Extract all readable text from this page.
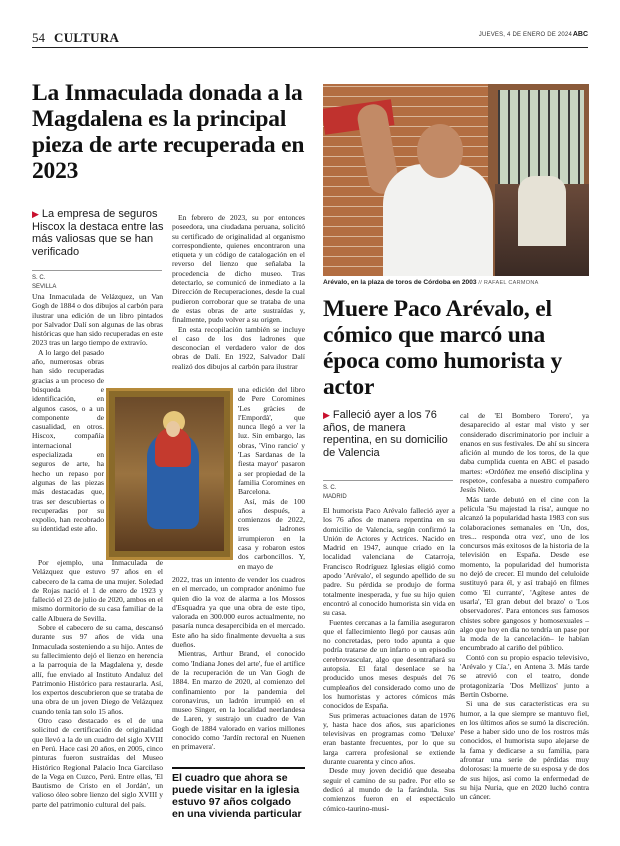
54 CULTURA	JUEVES, 4 DE ENERO DE 2024 ABC
La Inmaculada donada a la Magdalena es la principal pieza de arte recuperada en 2023
▶ La empresa de seguros Hiscox la destaca entre las más valiosas que se han verificado
S. C.
SEVILLA

Una Inmaculada de Velázquez, un Van Gogh de 1884 o dos dibujos al carbón para ilustrar una edición de un libro pintados por Salvador Dalí son algunas de las obras históricas que han sido recuperadas en este 2023 tras un largo tiempo de extravío.

A lo largo del pasado año, numerosas obras han sido recuperadas gracias a un proceso de búsqueda e identificación, en algunos casos, o a un componente de casualidad, en otros. Hiscox, compañía internacional especializada en seguros de arte, ha hecho un repaso por algunas de las piezas más destacadas que, tras ser descubiertas o recuperadas por su expolio, han recobrado su identidad este año.

Por ejemplo, una Inmaculada de Velázquez que estuvo 97 años en el cabecero de la cama de una mujer. Soledad de Rojas nació el 1 de enero de 1923 y falleció el 23 de julio de 2020, ambos en el mismo dormitorio de su casa familiar de la calle Albuera de Sevilla.

Sobre el cabecero de su cama, descansó durante sus 97 años de vida una Inmaculada sosteniendo a su hijo. Antes de su fallecimiento dejó el lienzo en herencia a la parroquia de la Magdalena y, desde allí, fue enviado al Instituto Andaluz del Patrimonio Histórico para restaurarla. Así, los expertos descubrieron que se trataba de una obra de un joven Diego de Velázquez cuando tenía tan solo 15 años.

Otro caso destacado es el de una solicitud de certificación de originalidad que llevó a la de un cuadro del siglo XVIII en Perú. Hace casi 20 años, en 2005, cinco pinturas fueron sustraídas del Museo Histórico Regional Palacio Inca Garcilaso de la Vega en Cuzco, Perú. Entre ellas, 'El Bautismo de Cristo en el Jordán', un valioso óleo sobre lienzo del siglo XVIII y parte del patrimonio cultural del país.

En febrero de 2023, su por entonces poseedora, una ciudadana peruana, solicitó su certificado de originalidad al organismo correspondiente, quienes encontraron una etiqueta y un código de catalogación en el reverso del lienzo que señalaba la procedencia de dicho museo. Tras detectarlo, se comunicó de inmediato a la Dirección de Recuperaciones, desde la cual pudieron corroborar que se trataba de una de estas obras de arte sustraídas y, finalmente, pudo volver a su origen.

En esta recopilación también se incluye el caso de los dos ladrones que desconocían el verdadero valor de dos obras de Dalí. En 1922, Salvador Dalí realizó dos dibujos al carbón para ilustrar

una edición del libro de Pere Coromines 'Les gràcies de l'Empordà', que nunca llegó a ver la luz. Sin embargo, las obras, 'Vino rancio' y 'Las Sardanas de la fiesta mayor' pasaron a ser propiedad de la familia Coromines en Barcelona.

Así, más de 100 años después, a comienzos de 2022, tres ladrones irrumpieron en la casa y robaron estos dos carboncillos. Y, en mayo de

2022, tras un intento de vender los cuadros en el mercado, un comprador anónimo fue quien dio la voz de alarma a los Mossos d'Esquadra ya que una obra de este tipo, valorada en 300.000 euros actualmente, no pasaría nunca desapercibida en el mercado. Este año ha sido finalmente devuelta a sus dueños.

Mientras, Arthur Brand, el conocido como 'Indiana Jones del arte', fue el artífice de la recuperación de un Van Gogh de 1884. En marzo de 2020, al comienzo del confinamiento por la pandemia del coronavirus, un ladrón irrumpió en el museo Singer, en la localidad neerlandesa de Laren, y sustrajo un cuadro de Van Gogh de 1884 valorado en varios millones conocido como 'Jardín rectoral en Nuenen en primavera'.

El cuadro que ahora se puede visitar en la iglesia estuvo 97 años colgado en una vivienda particular
Arévalo, en la plaza de toros de Córdoba en 2003 // RAFAEL CARMONA
Muere Paco Arévalo, el cómico que marcó una época como humorista y actor
▶ Falleció ayer a los 76 años, de manera repentina, en su domicilio de Valencia
S. C.
MADRID

El humorista Paco Arévalo falleció ayer a los 76 años de manera repentina en su domicilio de Valencia, según confirmó la Unión de Actores y Actrices. Nacido en Madrid en 1947, aunque criado en la localidad valenciana de Catarroja, Francisco Rodríguez Iglesias eligió como apodo 'Arévalo', el segundo apellido de su padre. Su pérdida se produjo de forma totalmente inesperada, y fue su hijo quien encontró al conocido humorista sin vida en su casa.

Fuentes cercanas a la familia aseguraron que el fallecimiento llegó por causas aún no concretadas, pero todo apunta a que podría tratarse de un infarto o un episodio cerebrovascular, algo que desentrañará su autopsia. El fatal desenlace se ha producido unos meses después del 76 cumpleaños del considerado como uno de los humoristas y actores cómicos más conocidos de España.

Sus primeras actuaciones datan de 1976 y, hasta hace dos años, sus apariciones televisivas en programas como 'Deluxe' eran bastante frecuentes, por lo que su larga carrera profesional se extiende durante cuarenta y cinco años.

Desde muy joven decidió que deseaba seguir el camino de su padre. Por ello se dedicó al mundo de la farándula. Sus comienzos fueron en el espectáculo cómico-taurino-musi-

cal de 'El Bombero Torero', ya desaparecido al estar mal visto y ser considerado discriminatorio por incluir a enanos en sus festivales. De ahí su sincera afición al mundo de los toros, de la que daba cumplida cuenta en ABC el pasado martes: «Ordóñez me enseñó disciplina y respeto», confesaba a nuestro compañero Jesús Nieto.

Más tarde debutó en el cine con la película 'Su majestad la risa', aunque no alcanzó la popularidad hasta 1983 con sus colaboraciones semanales en 'Un, dos, tres... responda otra vez', uno de los concursos más exitosos de la historia de la televisión en España. Desde ese momento, la popularidad del humorista no dejó de crecer. El mundo del celuloide sustituyó para él, y así trabajó en filmes como 'El currante', 'Agítese antes de usarla', 'El gran debut del brazo' o 'Los observadores'. Para entonces sus famosos chistes sobre gangosos y homosexuales –algo que hoy en día no tendría un pase por la moda de la cancelación– le habían encumbrado al cariño del público.

Contó con su propio espacio televisivo, 'Arévalo y Cía.', en Antena 3. Más tarde se atrevió con el teatro, donde protagonizaría 'Dos Mellizos' junto a Bertín Osborne.

Si una de sus características era su humor, a la que siempre se mantuvo fiel, en los últimos años se sumó la discreción. Pese a haber sido uno de los rostros más conocidos, el humorista supo alejarse de la fama y dedicarse a su familia, para afrontar una serie de pérdidas muy dolorosas: la muerte de su esposa y de dos de sus hijos, así como la enfermedad de su hija Nuria, que en 2020 luchó contra un cáncer.
